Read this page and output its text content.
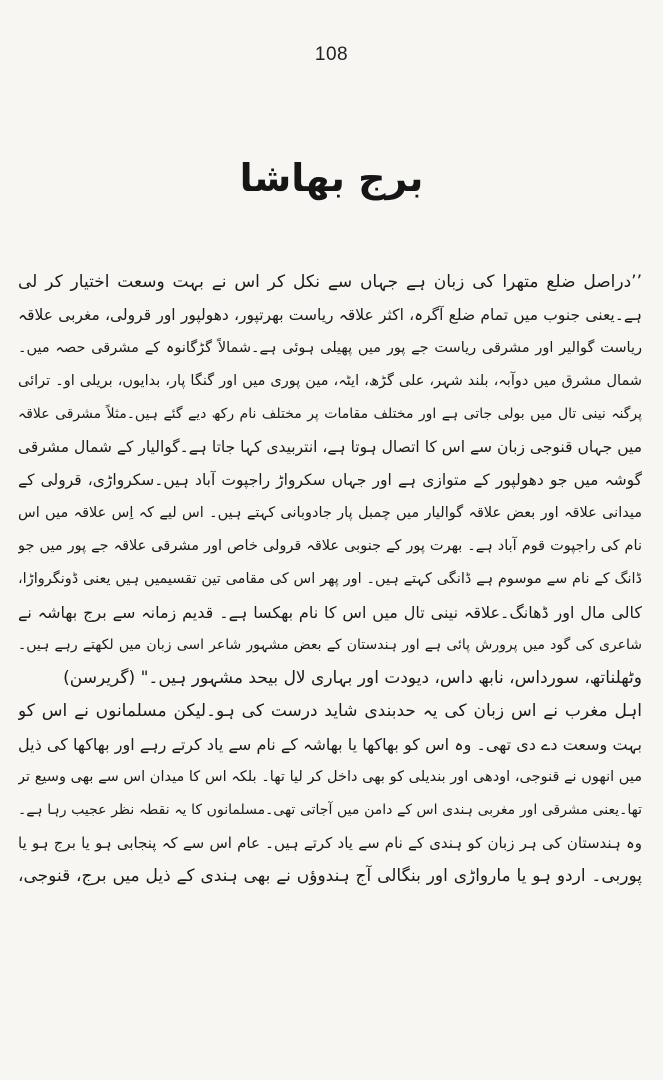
108
برج بھاشا
’’دراصل ضلع متھرا کی زبان ہے جہاں سے نکل کر اس نے بہت وسعت اختیار کر لی
ہے۔یعنی جنوب میں تمام ضلع آگرہ، اکثر علاقہ ریاست بھرتپور، دھولپور اور قرولی، مغربی علاقہ
ریاست گوالیر اور مشرقی ریاست جے پور میں پھیلی ہوئی ہے۔شمالاً گڑگانوہ کے مشرقی حصہ میں۔
شمال مشرق میں دوآبہ، بلند شہر، علی گڑھ، ایٹہ، مین پوری میں اور گنگا پار، بدایوں، بریلی او۔ ترائی
پرگنہ نینی تال میں بولی جاتی ہے اور مختلف مقامات پر مختلف نام رکھ دیے گئے ہیں۔مثلاً مشرقی علاقہ
میں جہاں قنوجی زبان سے اس کا اتصال ہوتا ہے، انتربیدی کہا جاتا ہے۔گوالیار کے شمال مشرقی
گوشہ میں جو دھولپور کے متوازی ہے اور جہاں سکرواڑ راجپوت آباد ہیں۔سکرواڑی، قرولی کے
میدانی علاقہ اور بعض علاقہ گوالیار میں چمبل پار جادوبانی کہتے ہیں۔ اس لیے کہ اِس علاقہ میں اس
نام کی راجپوت قوم آباد ہے۔ بھرت پور کے جنوبی علاقہ قرولی خاص اور مشرقی علاقہ جے پور میں جو
ڈانگ کے نام سے موسوم ہے ڈانگی کہتے ہیں۔ اور پھر اس کی مقامی تین تقسیمیں ہیں یعنی ڈونگرواڑا،
کالی مال اور ڈھانگ۔علاقہ نینی تال میں اس کا نام بھکسا ہے۔ قدیم زمانہ سے برج بھاشہ نے
شاعری کی گود میں پرورش پائی ہے اور ہندستان کے بعض مشہور شاعر اسی زبان میں لکھتے رہے ہیں۔
وٹھلناتھ، سورداس، نابھ داس، دیودت اور بہاری لال بیحد مشہور ہیں۔" (گریرسن)
اہل مغرب نے اس زبان کی یہ حدبندی شاید درست کی ہو۔لیکن مسلمانوں نے اس کو
بہت وسعت دے دی تھی۔ وہ اس کو بھاکھا یا بھاشہ کے نام سے یاد کرتے رہے اور بھاکھا کی ذیل
میں انھوں نے قنوجی، اودھی اور بندیلی کو بھی داخل کر لیا تھا۔ بلکہ اس کا میدان اس سے بھی وسیع تر
تھا۔یعنی مشرقی اور مغربی ہندی اس کے دامن میں آجاتی تھی۔مسلمانوں کا یہ نقطہ نظر عجیب رہا ہے۔
وہ ہندستان کی ہر زبان کو ہندی کے نام سے یاد کرتے ہیں۔ عام اس سے کہ پنجابی ہو یا برج ہو یا
پوربی۔ اردو ہو یا مارواڑی اور بنگالی آج ہندوؤں نے بھی ہندی کے ذیل میں برج، قنوجی،
